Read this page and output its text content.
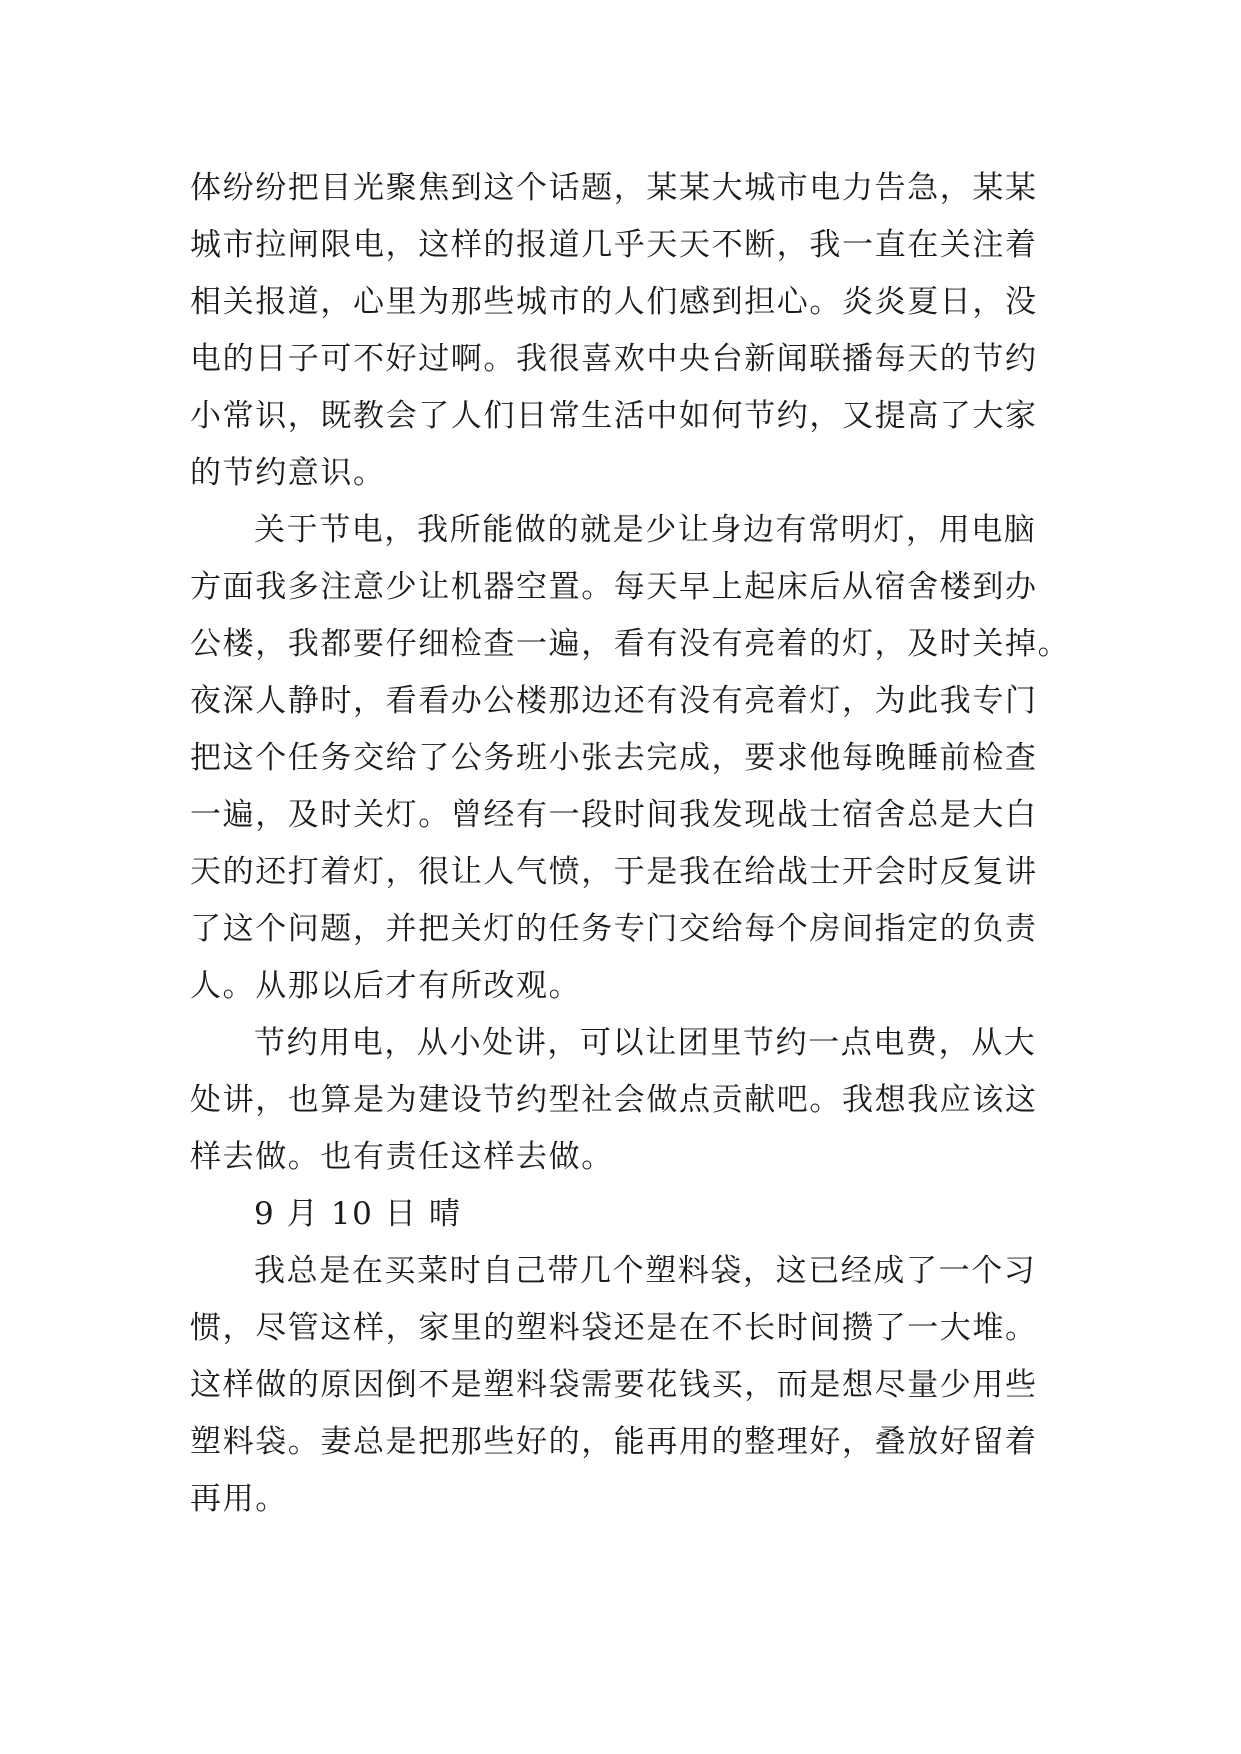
体纷纷把目光聚焦到这个话题，某某大城市电力告急，某某
城市拉闸限电，这样的报道几乎天天不断，我一直在关注着
相关报道，心里为那些城市的人们感到担心。炎炎夏日，没
电的日子可不好过啊。我很喜欢中央台新闻联播每天的节约
小常识，既教会了人们日常生活中如何节约，又提高了大家
的节约意识。
关于节电，我所能做的就是少让身边有常明灯，用电脑
方面我多注意少让机器空置。每天早上起床后从宿舍楼到办
公楼，我都要仔细检查一遍，看有没有亮着的灯，及时关掉。
夜深人静时，看看办公楼那边还有没有亮着灯，为此我专门
把这个任务交给了公务班小张去完成，要求他每晚睡前检查
一遍，及时关灯。曾经有一段时间我发现战士宿舍总是大白
天的还打着灯，很让人气愤，于是我在给战士开会时反复讲
了这个问题，并把关灯的任务专门交给每个房间指定的负责
人。从那以后才有所改观。
节约用电，从小处讲，可以让团里节约一点电费，从大
处讲，也算是为建设节约型社会做点贡献吧。我想我应该这
样去做。也有责任这样去做。
9 月 10 日 晴
我总是在买菜时自己带几个塑料袋，这已经成了一个习
惯，尽管这样，家里的塑料袋还是在不长时间攒了一大堆。
这样做的原因倒不是塑料袋需要花钱买，而是想尽量少用些
塑料袋。妻总是把那些好的，能再用的整理好，叠放好留着
再用。
